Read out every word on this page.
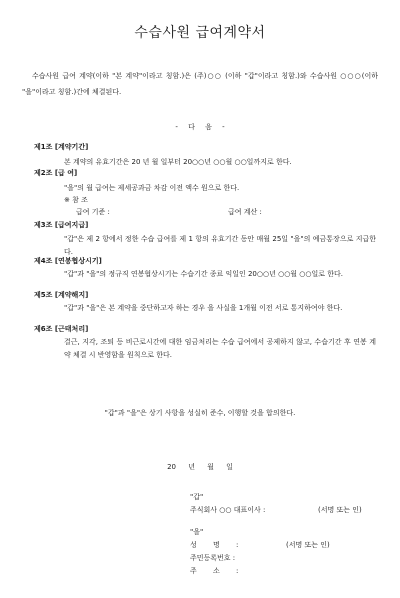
수습사원 급여계약서
수습사원 급여 계약(이하 "본 계약"이라고 칭함.)은 (주)○○ (이하 "갑"이라고 칭함.)와 수습사원 ○○○(이하 "을"이라고 칭함.)간에 체결된다.
- 다 음 -
제1조 [계약기간]
본 계약의 유효기간은 20 년 월 일부터 20○○년 ○○월 ○○일까지로 한다.
제2조 [급 여]
"을"의 월 급여는 제세공과금 차감 이전 액수 원으로 한다.
※ 참 조
급여 기준 :	급여 계산 :
제3조 [급여지급]
"갑"은 제 2 항에서 정한 수습 급여를 제 1 항의 유효기간 동안 매월 25일 "을"의 예금통장으로 지급한다.
제4조 [연봉협상시기]
"갑"과 "을"의 정규직 연봉협상시기는 수습기간 종료 익일인 20○○년 ○○월 ○○일로 한다.
제5조 [계약해지]
"갑"과 "을"은 본 계약을 중단하고자 하는 경우 을 사실을 1개월 이전 서로 통지하여야 한다.
제6조 [근태처리]
결근, 지각, 조퇴 등 비근로시간에 대한 임금처리는 수습 급여에서 공제하지 않고, 수습기간 후 연봉 계약 체결 시 반영함을 원칙으로 한다.
"갑"과 "을"은 상기 사항을 성실히 준수, 이행할 것을 합의한다.
20 년 월 일
"갑"
주식회사 ○○ 대표이사 :	(서명 또는 인)
"을"
성 명 :	(서명 또는 인)
주민등록번호 :
주 소 :
